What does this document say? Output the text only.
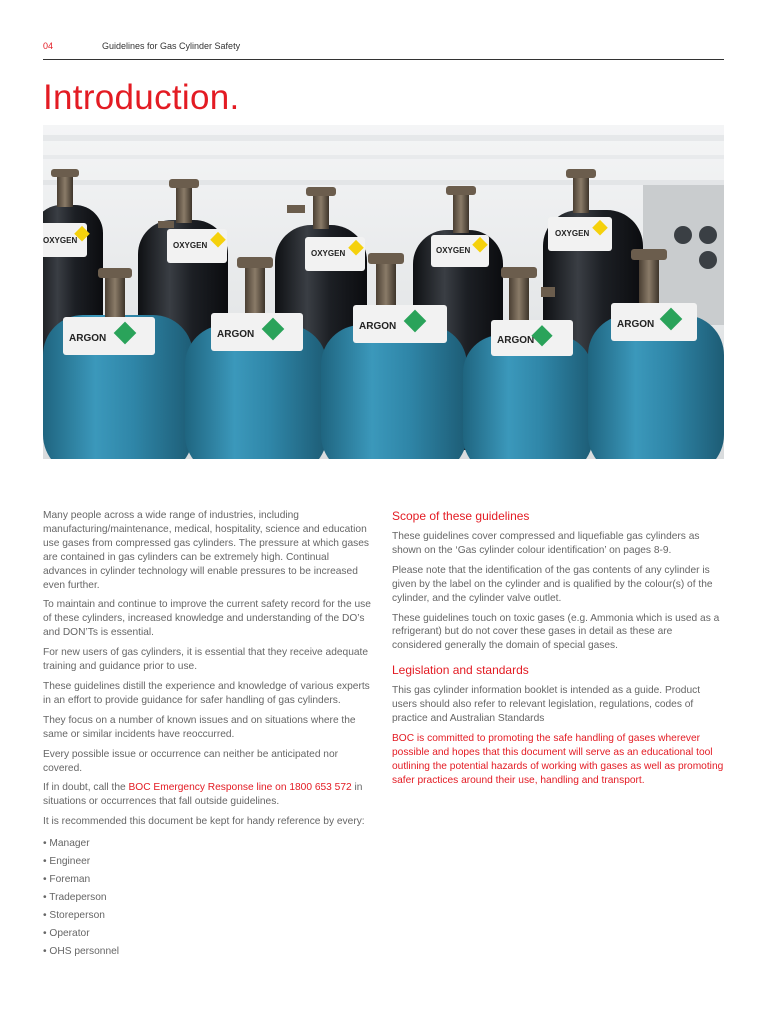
04	Guidelines for Gas Cylinder Safety
Introduction.
OXYGEN
OXYGEN
OXYGEN	OXYGEN
OXYGEN
ARGON	ARGON
ARGON
ARGON
ARGON

Many people across a wide range of industries, including manufacturing/maintenance, medical, hospitality, science and education use gases from compressed gas cylinders. The pressure at which gases are contained in gas cylinders can be extremely high. Continual advances in cylinder technology will enable pressures to be increased even further.

To maintain and continue to improve the current safety record for the use of these cylinders, increased knowledge and understanding of the DO’s and DON’Ts is essential.

For new users of gas cylinders, it is essential that they receive adequate training and guidance prior to use.

These guidelines distill the experience and knowledge of various experts in an effort to provide guidance for safer handling of gas cylinders.

They focus on a number of known issues and on situations where the same or similar incidents have reoccurred.

Every possible issue or occurrence can neither be anticipated nor covered.

If in doubt, call the BOC Emergency Response line on 1800 653 572 in situations or occurrences that fall outside guidelines.

It is recommended this document be kept for handy reference by every:

• Manager
• Engineer
• Foreman
• Tradeperson
• Storeperson
• Operator
• OHS personnel
Scope of these guidelines

These guidelines cover compressed and liquefiable gas cylinders as shown on the ‘Gas cylinder colour identification’ on pages 8-9.

Please note that the identification of the gas contents of any cylinder is given by the label on the cylinder and is qualified by the colour(s) of the cylinder, and the cylinder valve outlet.

These guidelines touch on toxic gases (e.g. Ammonia which is used as a refrigerant) but do not cover these gases in detail as these are considered generally the domain of special gases.

Legislation and standards

This gas cylinder information booklet is intended as a guide. Product users should also refer to relevant legislation, regulations, codes of practice and Australian Standards

BOC is committed to promoting the safe handling of gases wherever possible and hopes that this document will serve as an educational tool outlining the potential hazards of working with gases as well as promoting safer practices around their use, handling and transport.
